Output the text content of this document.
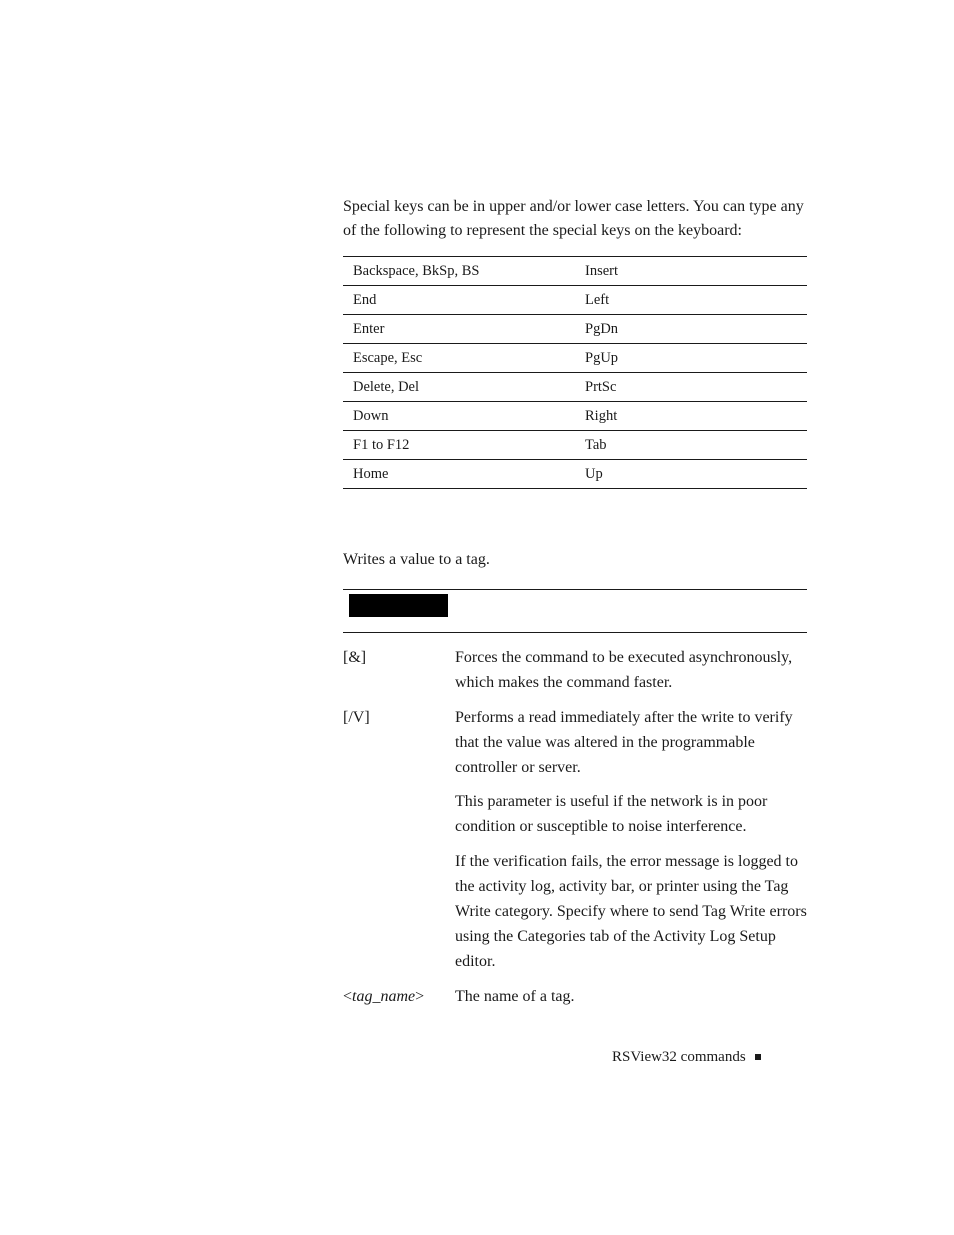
Special keys can be in upper and/or lower case letters. You can type any of the following to represent the special keys on the keyboard:

Backspace, BkSp, BS	Insert
End	Left
Enter	PgDn
Escape, Esc	PgUp
Delete, Del	PrtSc
Down	Right
F1 to F12	Tab
Home	Up

Writes a value to a tag.

[&]	Forces the command to be executed asynchronously, which makes the command faster.

[/V]	Performs a read immediately after the write to verify that the value was altered in the programmable controller or server.

This parameter is useful if the network is in poor condition or susceptible to noise interference.

If the verification fails, the error message is logged to the activity log, activity bar, or printer using the Tag Write category. Specify where to send Tag Write errors using the Categories tab of the Activity Log Setup editor.

<tag_name> The name of a tag.

RSView32 commands
